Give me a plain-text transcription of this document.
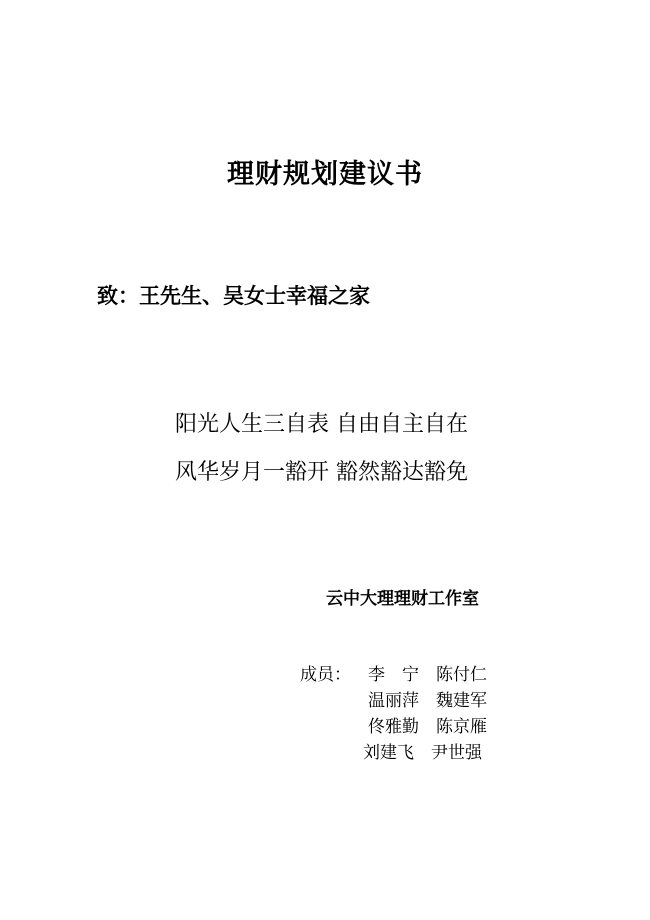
理财规划建议书
致：王先生、吴女士幸福之家
阳光人生三自表 自由自主自在
风华岁月一豁开 豁然豁达豁免
云中大理理财工作室
成员： 李　宁　陈付仁
温丽萍　魏建军
佟雅勤　陈京雁
刘建飞　尹世强
